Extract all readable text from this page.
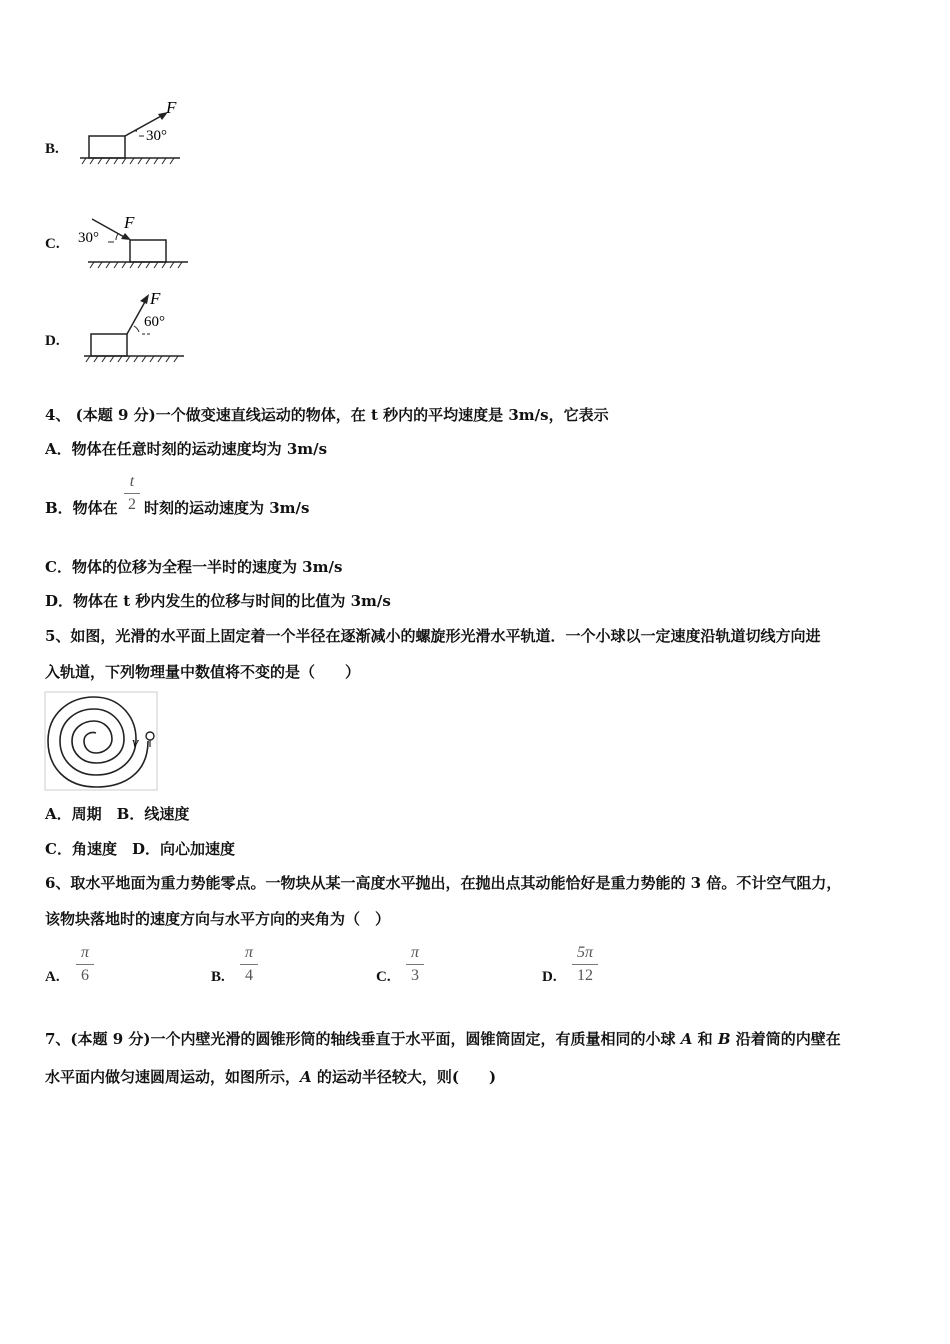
B.
F
30°
C.
F
30°
D.
F
60°
4、 (本题 9 分)一个做变速直线运动的物体，在 t 秒内的平均速度是 3m/s，它表示
A．物体在任意时刻的运动速度均为 3m/s
B．物体在
t
2 时刻的运动速度为 3m/s
C．物体的位移为全程一半时的速度为 3m/s
D．物体在 t 秒内发生的位移与时间的比值为 3m/s
5、如图，光滑的水平面上固定着一个半径在逐渐减小的螺旋形光滑水平轨道．一个小球以一定速度沿轨道切线方向进
入轨道，下列物理量中数值将不变的是（　　）
v
A．周期　B．线速度
C．角速度　D．向心加速度
6、取水平地面为重力势能零点。一物块从某一高度水平抛出，在抛出点其动能恰好是重力势能的 3 倍。不计空气阻力，
该物块落地时的速度方向与水平方向的夹角为（　）
A.
π
6	B.
π
4	C.
π
3	D.
5π
12
7、(本题 9 分)一个内壁光滑的圆锥形筒的轴线垂直于水平面，圆锥筒固定，有质量相同的小球 A 和 B 沿着筒的内壁在
水平面内做匀速圆周运动，如图所示，A 的运动半径较大，则(　　)
